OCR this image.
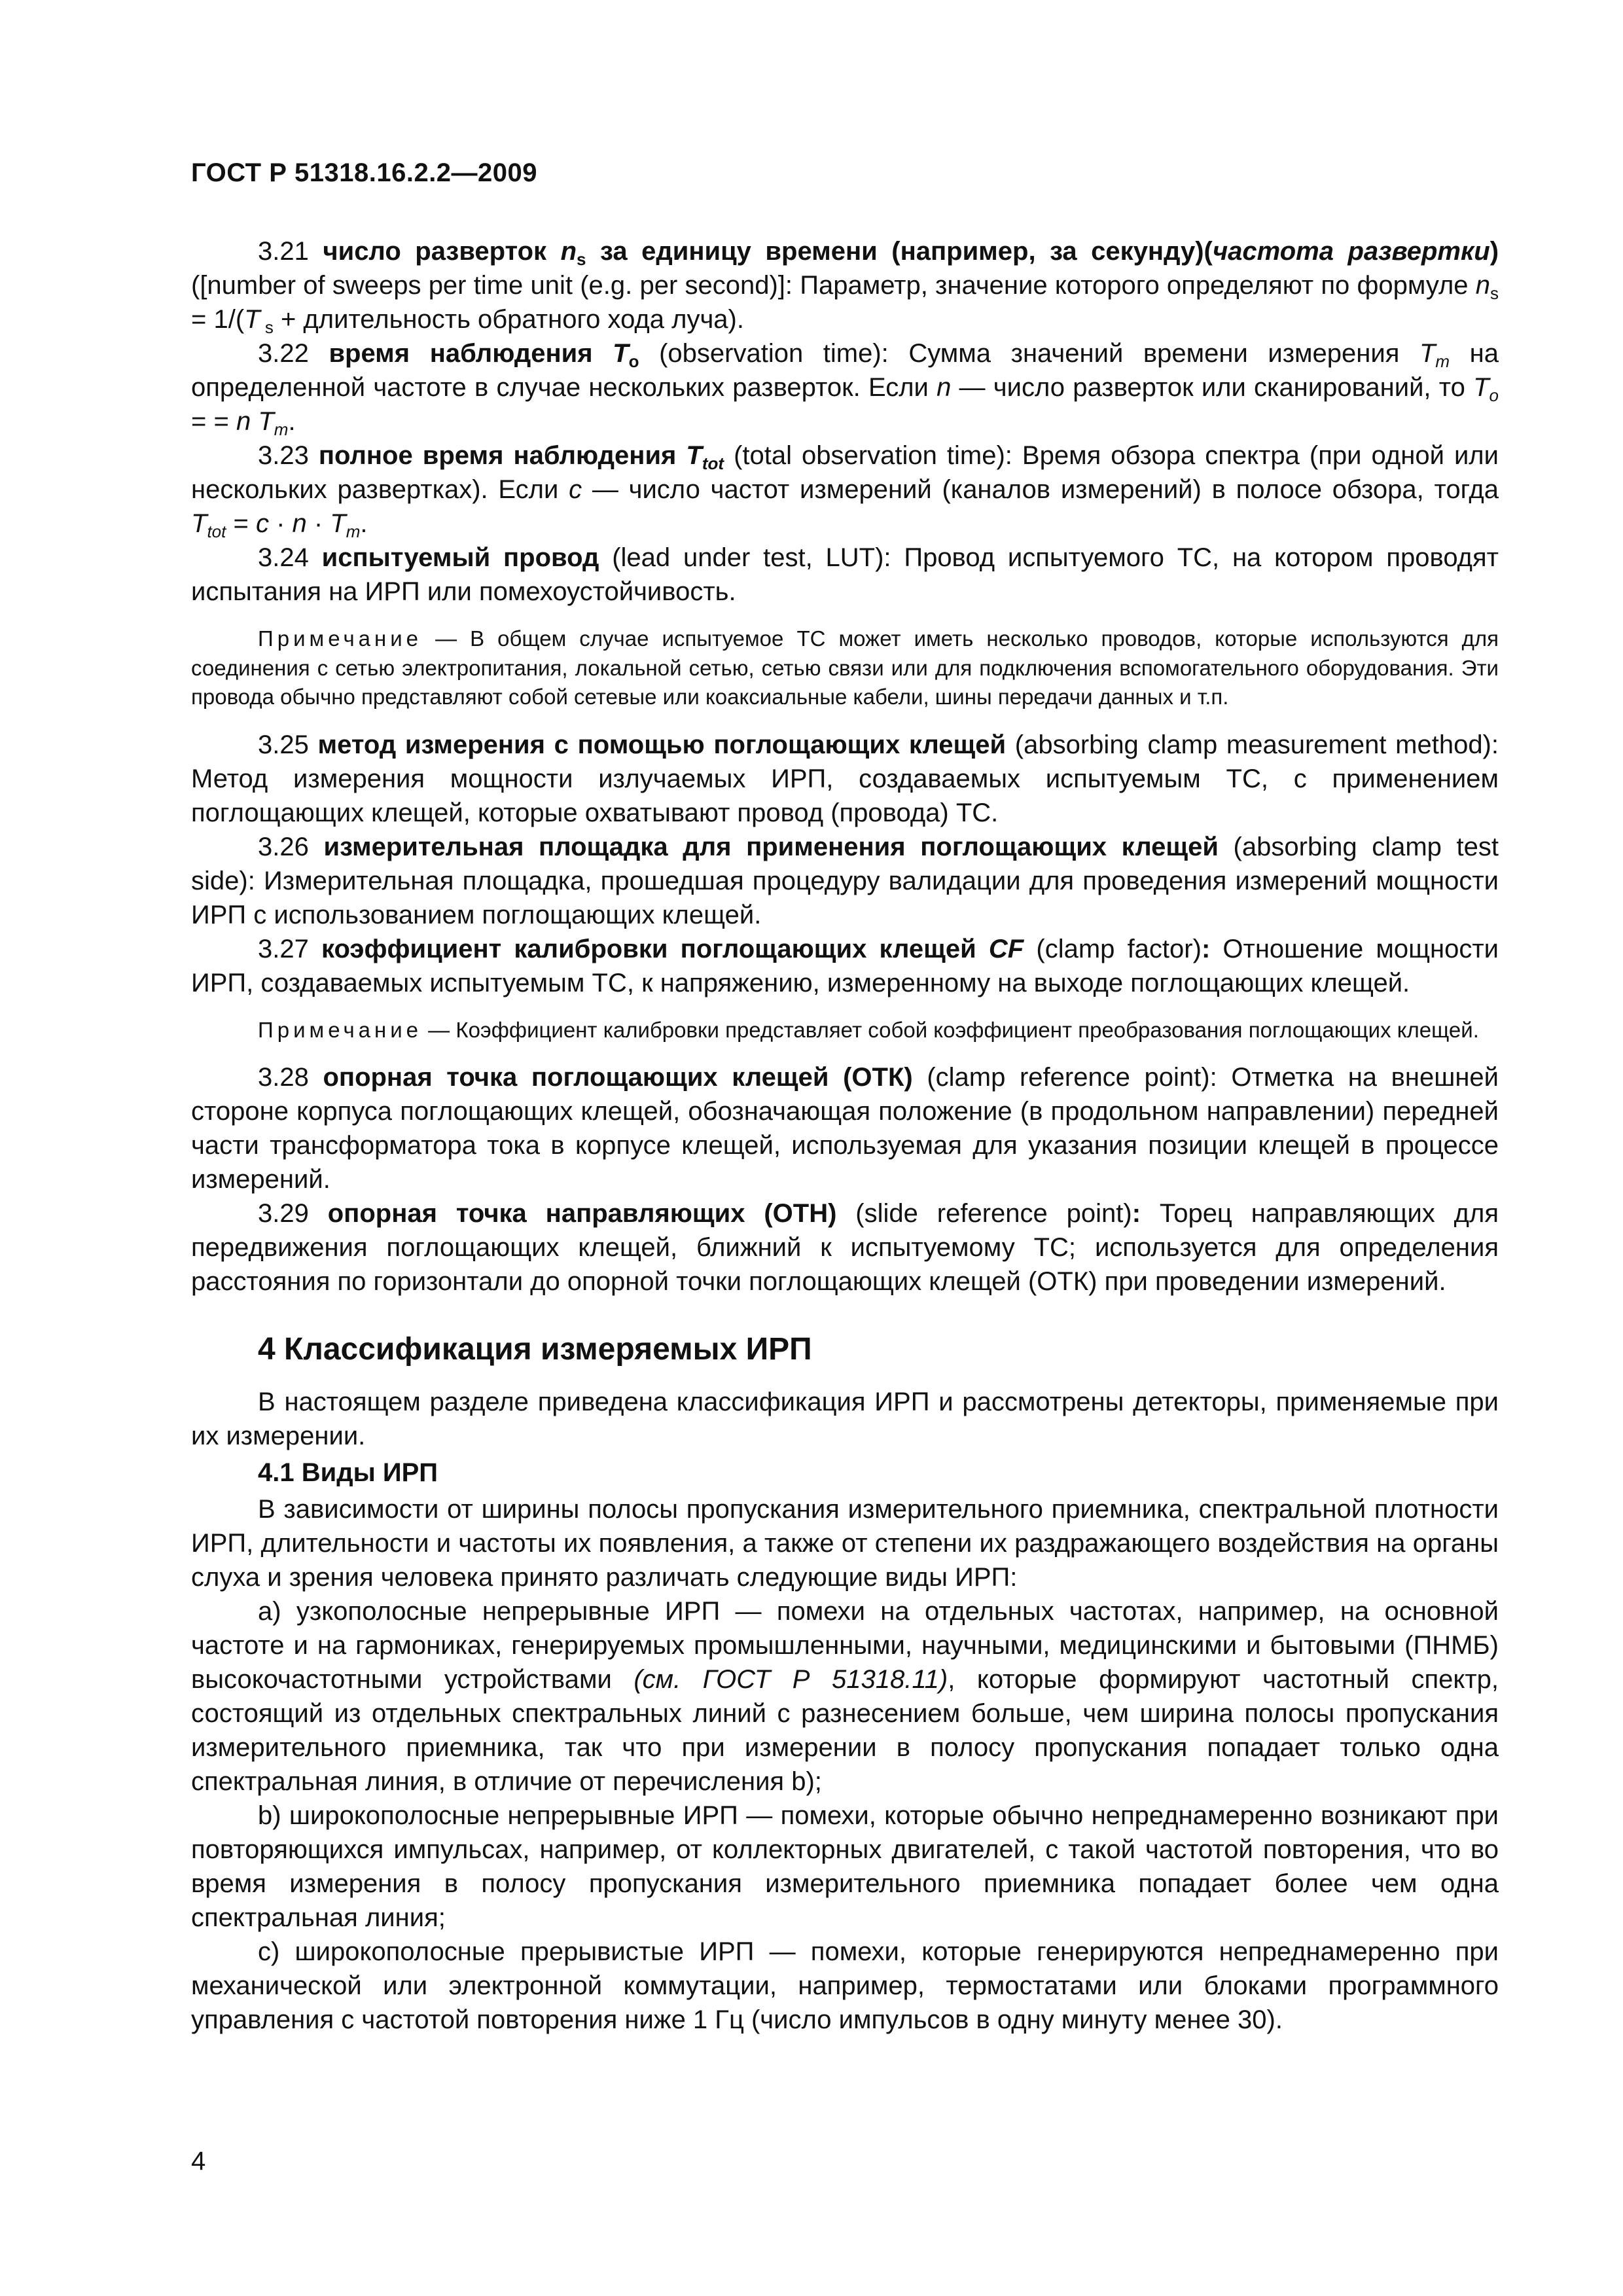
ГОСТ Р 51318.16.2.2—2009

3.21 число разверток $n_s$ за единицу времени (например, за секунду)(частота развертки) ([number of sweeps per time unit (e.g. per second)]: Параметр, значение которого определяют по формуле $n_s = 1/(T$ $_s$ + длительность обратного хода луча).

3.22 время наблюдения $T_o$ (observation time): Сумма значений времени измерения $T_m$ на определенной частоте в случае нескольких разверток. Если n — число разверток или сканирований, то $T_o$ = = n $T_m$.

3.23 полное время наблюдения $T_{tot}$ (total observation time): Время обзора спектра (при одной или нескольких развертках). Если c — число частот измерений (каналов измерений) в полосе обзора, тогда $T_{tot} = c \cdot n \cdot T_m$.

3.24 испытуемый провод (lead under test, LUT): Провод испытуемого ТС, на котором проводят испытания на ИРП или помехоустойчивость.

Примечание — В общем случае испытуемое ТС может иметь несколько проводов, которые используются для соединения с сетью электропитания, локальной сетью, сетью связи или для подключения вспомогательного оборудования. Эти провода обычно представляют собой сетевые или коаксиальные кабели, шины передачи данных и т.п.

3.25 метод измерения с помощью поглощающих клещей (absorbing clamp measurement method): Метод измерения мощности излучаемых ИРП, создаваемых испытуемым ТС, с применением поглощающих клещей, которые охватывают провод (провода) ТС.

3.26 измерительная площадка для применения поглощающих клещей (absorbing clamp test side): Измерительная площадка, прошедшая процедуру валидации для проведения измерений мощности ИРП с использованием поглощающих клещей.

3.27 коэффициент калибровки поглощающих клещей CF (clamp factor): Отношение мощности ИРП, создаваемых испытуемым ТС, к напряжению, измеренному на выходе поглощающих клещей.

Примечание — Коэффициент калибровки представляет собой коэффициент преобразования поглощающих клещей.

3.28 опорная точка поглощающих клещей (ОТК) (clamp reference point): Отметка на внешней стороне корпуса поглощающих клещей, обозначающая положение (в продольном направлении) передней части трансформатора тока в корпусе клещей, используемая для указания позиции клещей в процессе измерений.

3.29 опорная точка направляющих (ОТН) (slide reference point): Торец направляющих для передвижения поглощающих клещей, ближний к испытуемому ТС; используется для определения расстояния по горизонтали до опорной точки поглощающих клещей (ОТК) при проведении измерений.

4 Классификация измеряемых ИРП

В настоящем разделе приведена классификация ИРП и рассмотрены детекторы, применяемые при их измерении.

4.1 Виды ИРП

В зависимости от ширины полосы пропускания измерительного приемника, спектральной плотности ИРП, длительности и частоты их появления, а также от степени их раздражающего воздействия на органы слуха и зрения человека принято различать следующие виды ИРП:

а) узкополосные непрерывные ИРП — помехи на отдельных частотах, например, на основной частоте и на гармониках, генерируемых промышленными, научными, медицинскими и бытовыми (ПНМБ) высокочастотными устройствами (см. ГОСТ Р 51318.11), которые формируют частотный спектр, состоящий из отдельных спектральных линий с разнесением больше, чем ширина полосы пропускания измерительного приемника, так что при измерении в полосу пропускания попадает только одна спектральная линия, в отличие от перечисления b);

b) широкополосные непрерывные ИРП — помехи, которые обычно непреднамеренно возникают при повторяющихся импульсах, например, от коллекторных двигателей, с такой частотой повторения, что во время измерения в полосу пропускания измерительного приемника попадает более чем одна спектральная линия;

с) широкополосные прерывистые ИРП — помехи, которые генерируются непреднамеренно при механической или электронной коммутации, например, термостатами или блоками программного управления с частотой повторения ниже 1 Гц (число импульсов в одну минуту менее 30).

4
